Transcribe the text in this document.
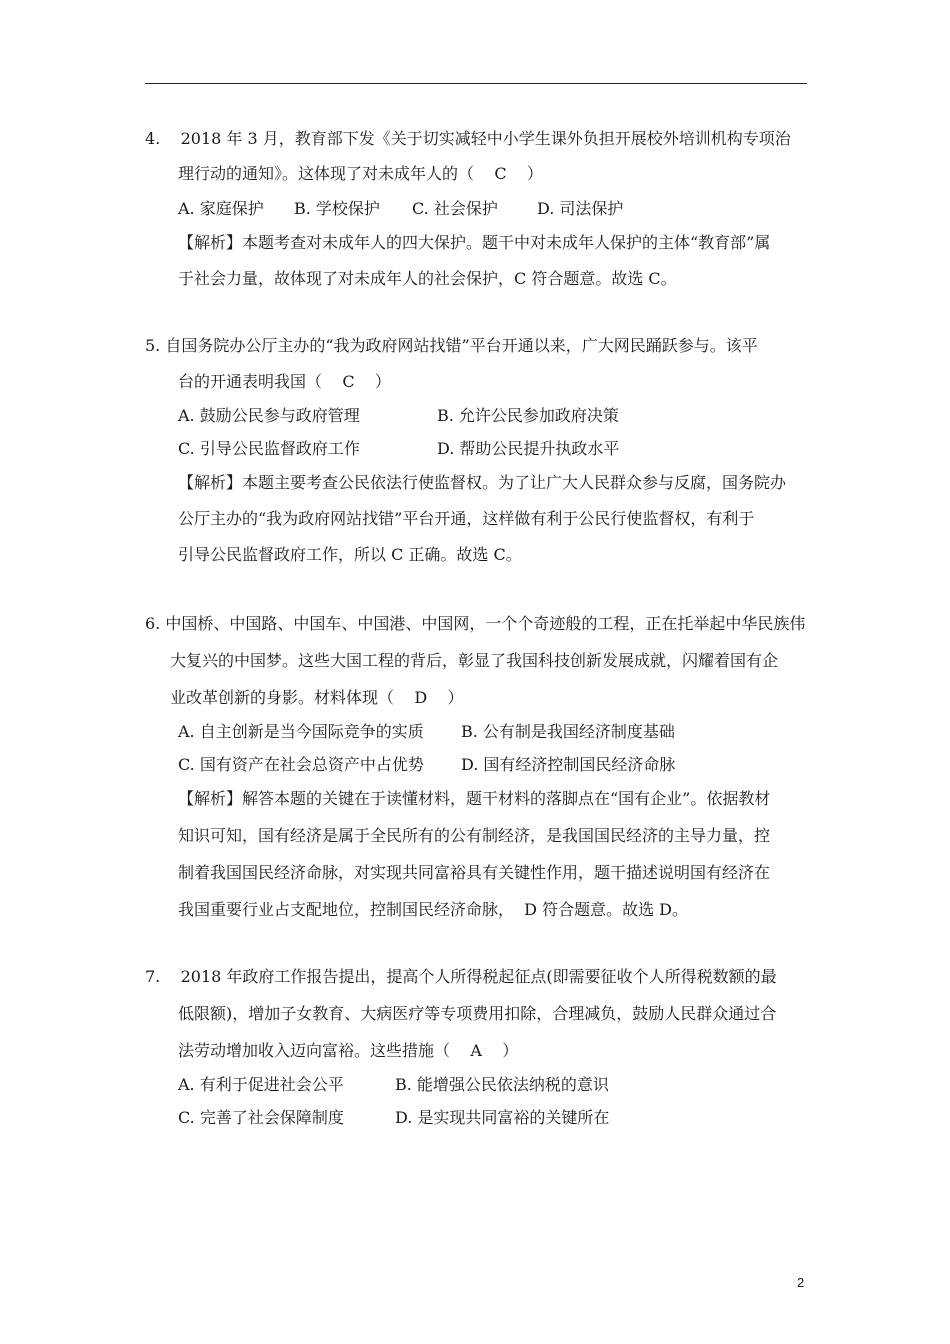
4.    2018 年 3 月，教育部下发《关于切实减轻中小学生课外负担开展校外培训机构专项治
理行动的通知》。这体现了对未成年人的（    C    ）
A. 家庭保护 B. 学校保护 C. 社会保护 D. 司法保护
【解析】本题考查对未成年人的四大保护。题干中对未成年人保护的主体“教育部”属
于社会力量，故体现了对未成年人的社会保护，C 符合题意。故选 C。
5. 自国务院办公厅主办的“我为政府网站找错”平台开通以来，广大网民踊跃参与。该平
台的开通表明我国（    C    ）
A. 鼓励公民参与政府管理	B. 允许公民参加政府决策
C. 引导公民监督政府工作	D. 帮助公民提升执政水平
【解析】本题主要考查公民依法行使监督权。为了让广大人民群众参与反腐，国务院办
公厅主办的“我为政府网站找错”平台开通，这样做有利于公民行使监督权，有利于
引导公民监督政府工作，所以 C 正确。故选 C。
6. 中国桥、中国路、中国车、中国港、中国网，一个个奇迹般的工程，正在托举起中华民族伟
大复兴的中国梦。这些大国工程的背后，彰显了我国科技创新发展成就，闪耀着国有企
业改革创新的身影。材料体现（    D    ）
A. 自主创新是当今国际竞争的实质 B. 公有制是我国经济制度基础
C. 国有资产在社会总资产中占优势 D. 国有经济控制国民经济命脉
【解析】解答本题的关键在于读懂材料，题干材料的落脚点在“国有企业”。依据教材
知识可知，国有经济是属于全民所有的公有制经济，是我国国民经济的主导力量，控
制着我国国民经济命脉，对实现共同富裕具有关键性作用，题干描述说明国有经济在
我国重要行业占支配地位，控制国民经济命脉，  D 符合题意。故选 D。
7.    2018 年政府工作报告提出，提高个人所得税起征点(即需要征收个人所得税数额的最
低限额)，增加子女教育、大病医疗等专项费用扣除，合理减负，鼓励人民群众通过合
法劳动增加收入迈向富裕。这些措施（    A    ）
A. 有利于促进社会公平	B. 能增强公民依法纳税的意识
C. 完善了社会保障制度	D. 是实现共同富裕的关键所在
2
